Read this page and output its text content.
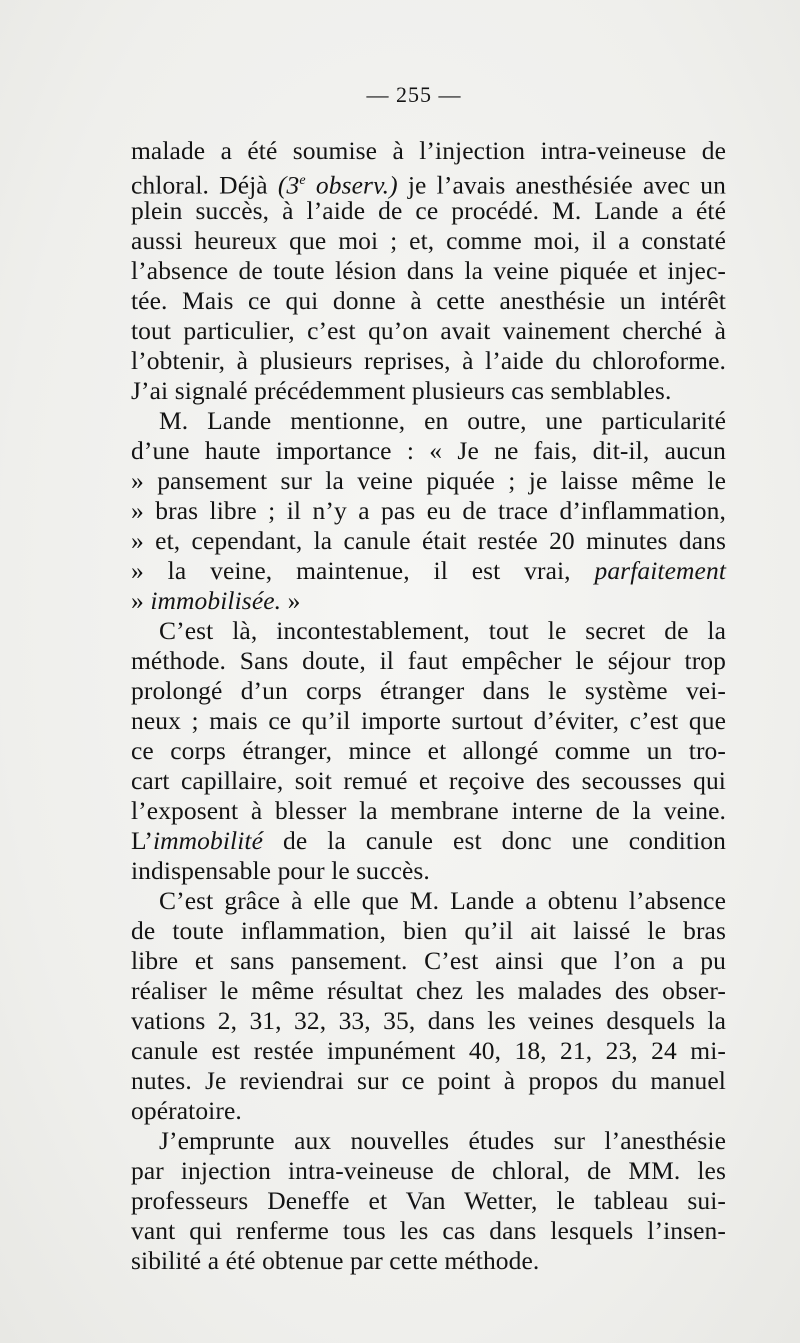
— 255 —
malade a été soumise à l’injection intra-veineuse de
chloral. Déjà (3e observ.) je l’avais anesthésiée avec un
plein succès, à l’aide de ce procédé. M. Lande a été
aussi heureux que moi ; et, comme moi, il a constaté
l’absence de toute lésion dans la veine piquée et injec-
tée. Mais ce qui donne à cette anesthésie un intérêt
tout particulier, c’est qu’on avait vainement cherché à
l’obtenir, à plusieurs reprises, à l’aide du chloroforme.
J’ai signalé précédemment plusieurs cas semblables.
M. Lande mentionne, en outre, une particularité
d’une haute importance : « Je ne fais, dit-il, aucun
» pansement sur la veine piquée ; je laisse même le
» bras libre ; il n’y a pas eu de trace d’inflammation,
» et, cependant, la canule était restée 20 minutes dans
» la veine, maintenue, il est vrai, parfaitement
» immobilisée. »
C’est là, incontestablement, tout le secret de la
méthode. Sans doute, il faut empêcher le séjour trop
prolongé d’un corps étranger dans le système vei-
neux ; mais ce qu’il importe surtout d’éviter, c’est que
ce corps étranger, mince et allongé comme un tro-
cart capillaire, soit remué et reçoive des secousses qui
l’exposent à blesser la membrane interne de la veine.
L’immobilité de la canule est donc une condition
indispensable pour le succès.
C’est grâce à elle que M. Lande a obtenu l’absence
de toute inflammation, bien qu’il ait laissé le bras
libre et sans pansement. C’est ainsi que l’on a pu
réaliser le même résultat chez les malades des obser-
vations 2, 31, 32, 33, 35, dans les veines desquels la
canule est restée impunément 40, 18, 21, 23, 24 mi-
nutes. Je reviendrai sur ce point à propos du manuel
opératoire.
J’emprunte aux nouvelles études sur l’anesthésie
par injection intra-veineuse de chloral, de MM. les
professeurs Deneffe et Van Wetter, le tableau sui-
vant qui renferme tous les cas dans lesquels l’insen-
sibilité a été obtenue par cette méthode.
